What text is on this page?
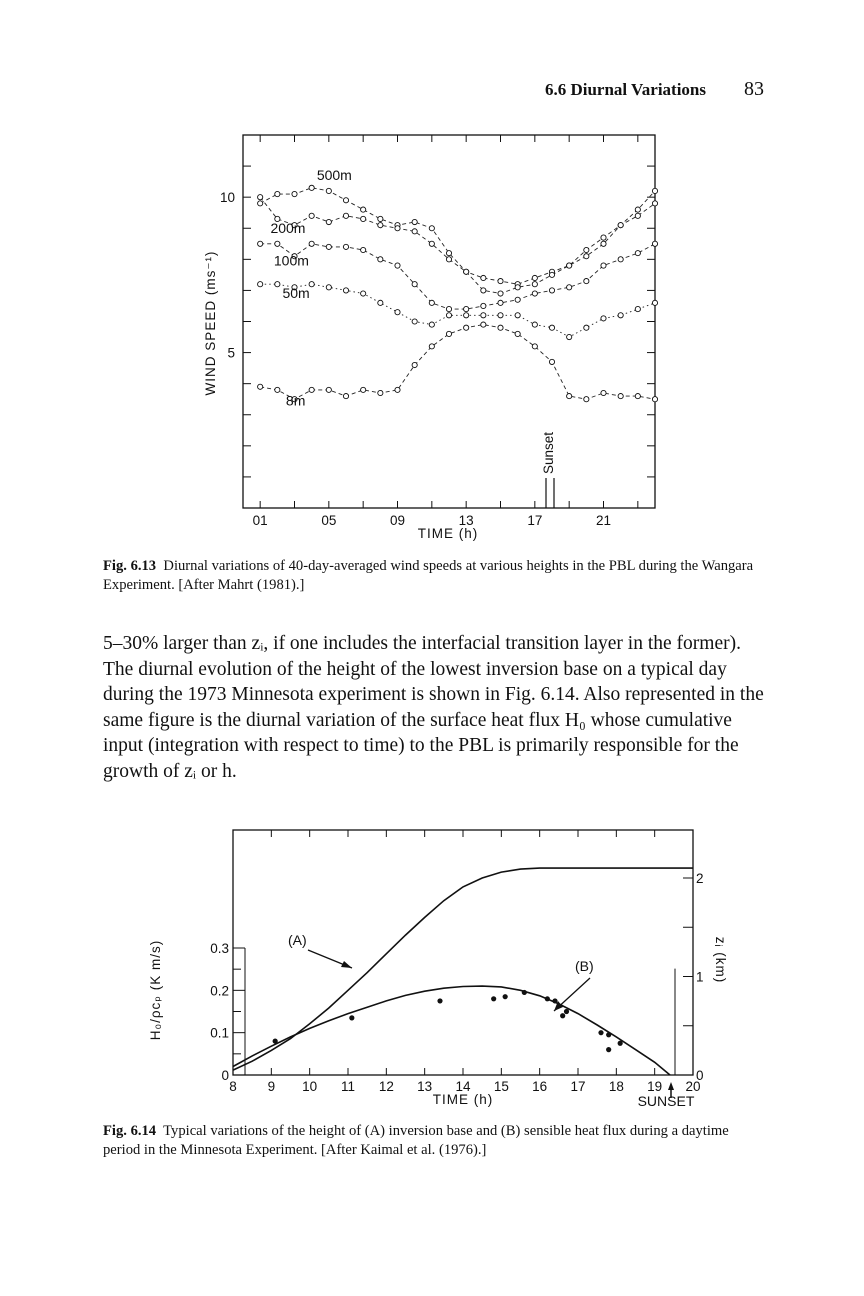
6.6 Diurnal Variations 83
01	05	09	13	17	21
5
10
500m
200m
100m
50m
8m
Sunset
TIME (h)
WIND SPEED (ms⁻¹)
Fig. 6.13 Diurnal variations of 40-day-averaged wind speeds at various heights in the PBL during the Wangara Experiment. [After Mahrt (1981).]
5–30% larger than zᵢ, if one includes the interfacial transition layer in the former). The diurnal evolution of the height of the lowest inversion base on a typical day during the 1973 Minnesota experiment is shown in Fig. 6.14. Also represented in the same figure is the diurnal variation of the surface heat flux H₀ whose cumulative input (integration with respect to time) to the PBL is primarily responsible for the growth of zᵢ or h.
8 9 10 11 12 13 14 15 16 17 18 19 20
0
0.1
0.2
0.3
0
1
2
TIME (h)
H₀/ρcₚ (K m/s)	zᵢ (km)
SUNSET
(A)
(B)
Fig. 6.14 Typical variations of the height of (A) inversion base and (B) sensible heat flux during a daytime period in the Minnesota Experiment. [After Kaimal et al. (1976).]
